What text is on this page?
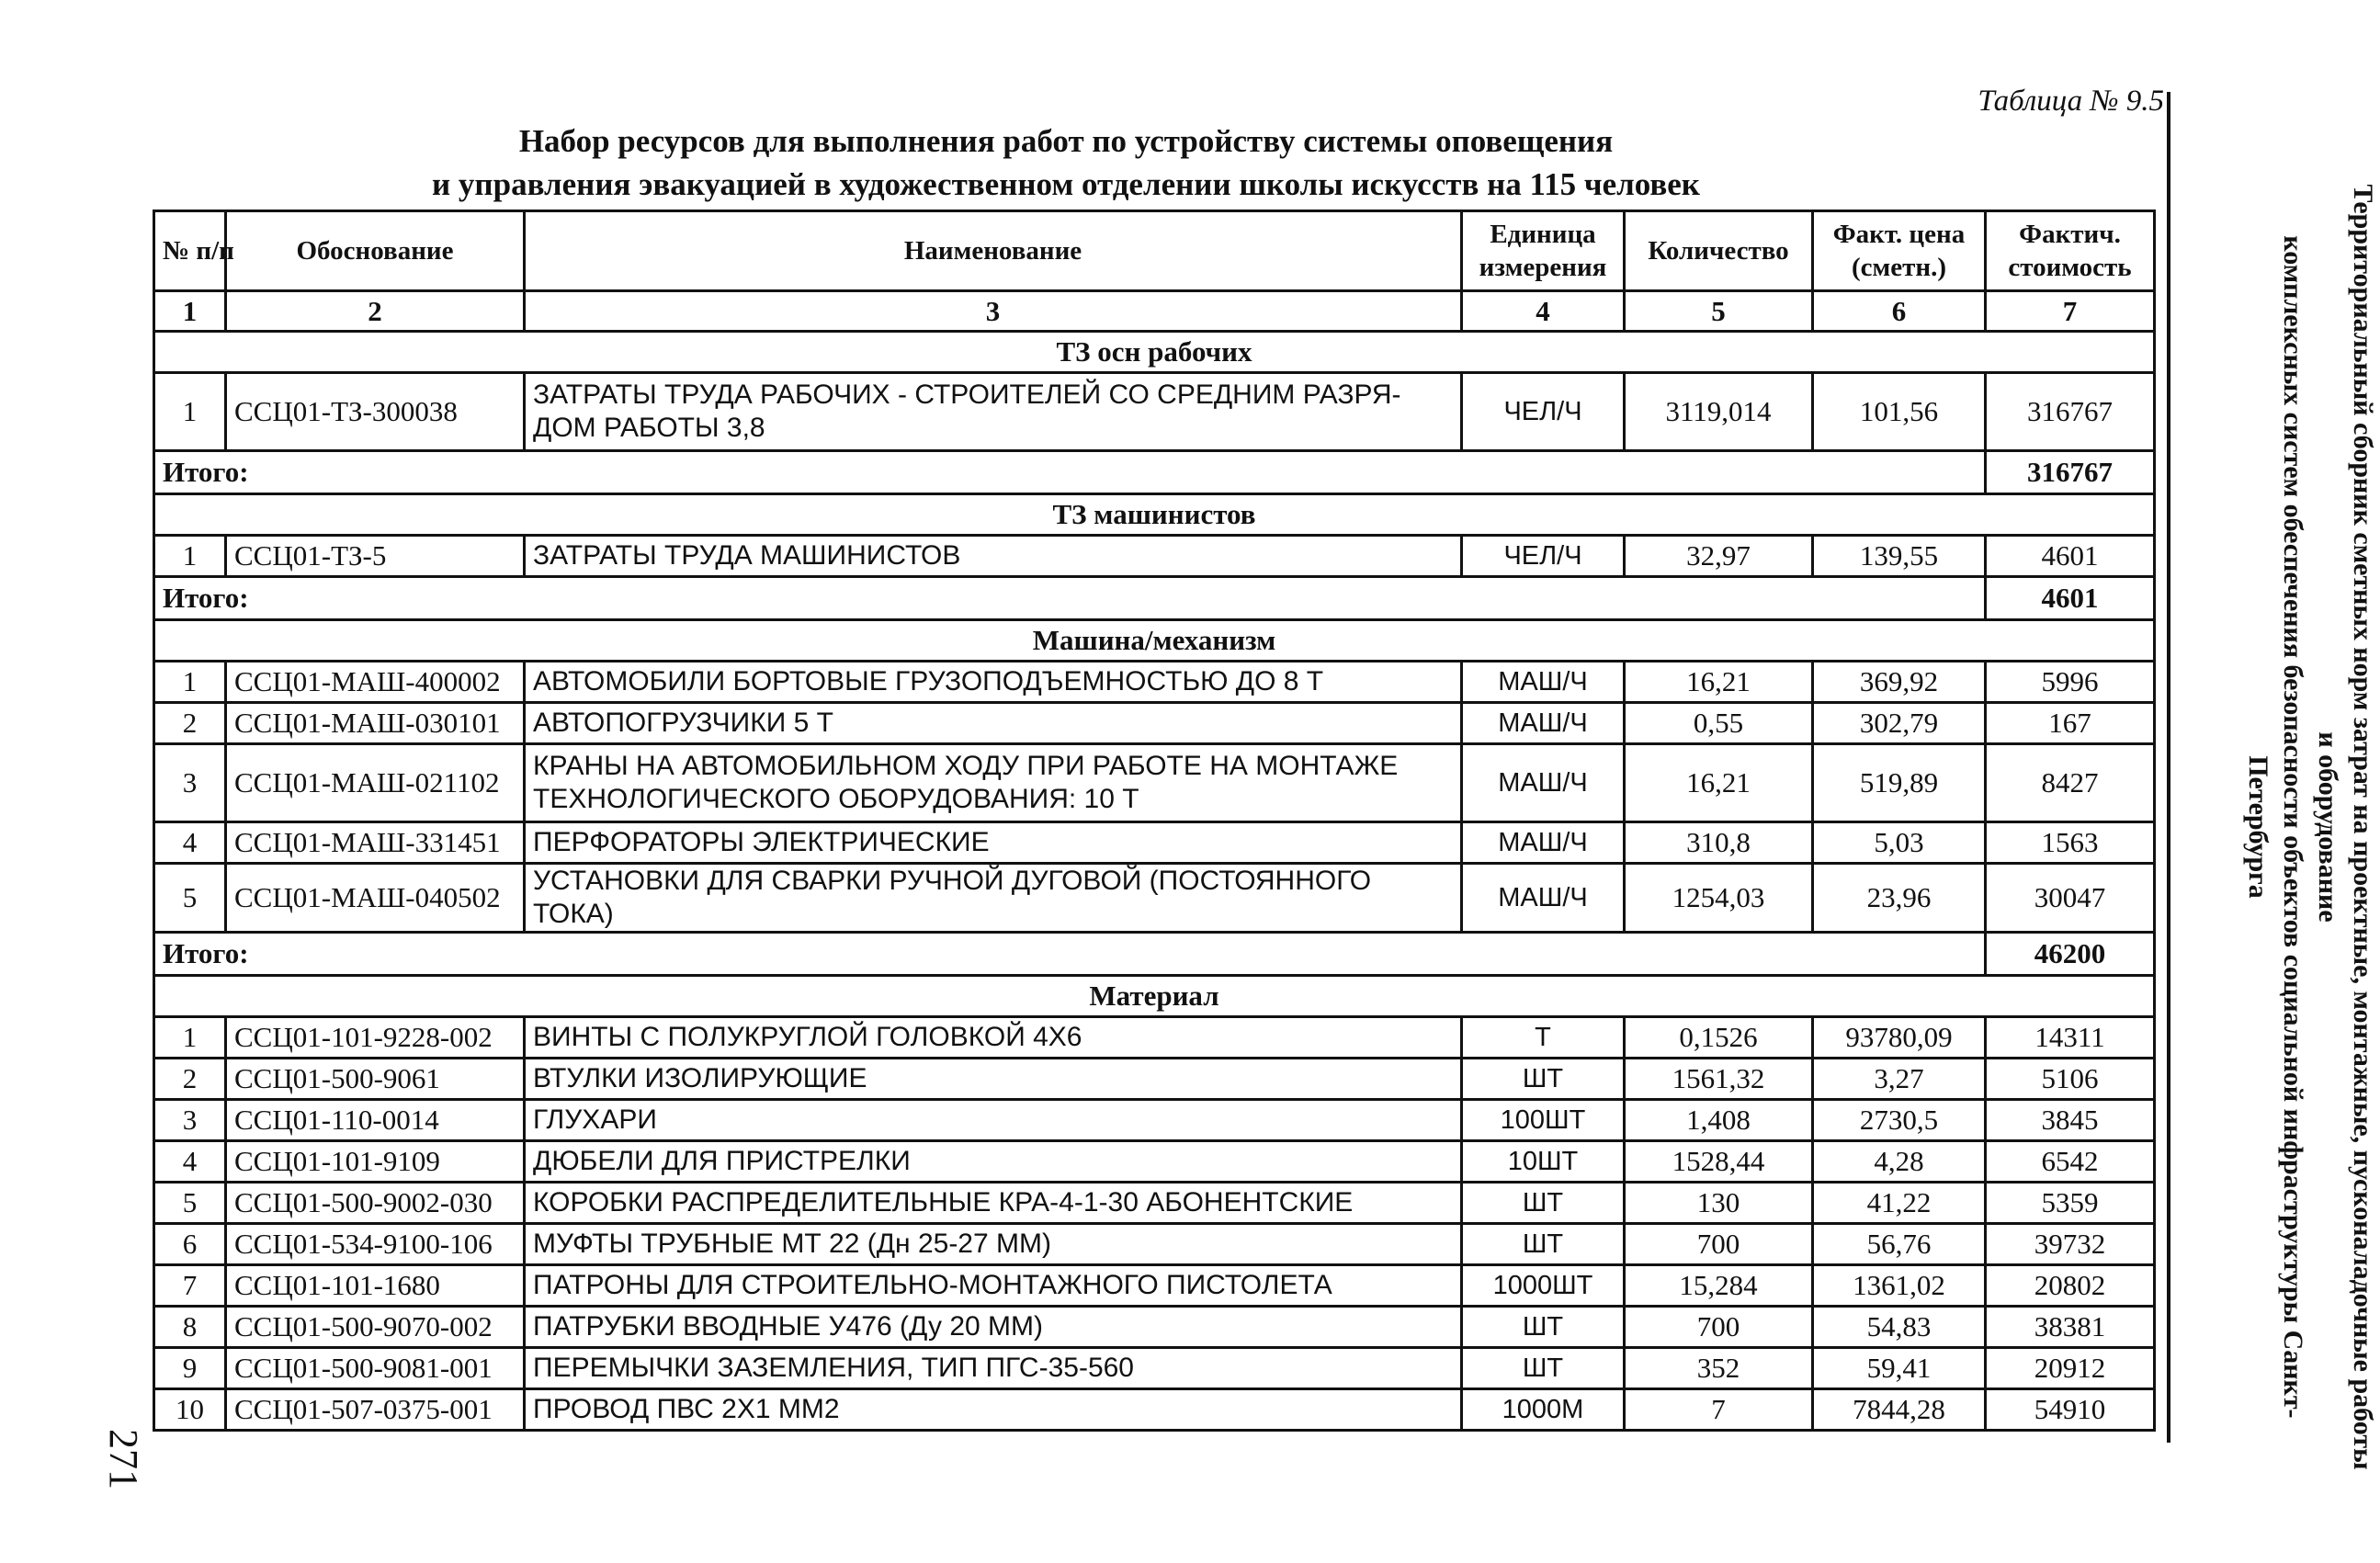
Таблица № 9.5
Набор ресурсов для выполнения работ по устройству системы оповещения
и управления эвакуацией в художественном отделении школы искусств на 115 человек	Территориальный сборник сметных норм затрат на проектные, монтажные, пусконаладочные работы и оборудование
комплексных систем обеспечения безопасности объектов социальной инфраструктуры Санкт-Петербурга
271
№ п/п	Обоснование	Наименование	Единица измерения	Количество	Факт. цена (сметн.)	Фактич. стоимость
1	2	3	4	5	6	7
ТЗ осн рабочих						
1	ССЦ01-ТЗ-300038	ЗАТРАТЫ ТРУДА РАБОЧИХ - СТРОИТЕЛЕЙ СО СРЕДНИМ РАЗРЯ-ДОМ РАБОТЫ 3,8	ЧЕЛ/Ч	3119,014	101,56	316767
Итого:						316767
ТЗ машинистов						
1	ССЦ01-ТЗ-5	ЗАТРАТЫ ТРУДА МАШИНИСТОВ	ЧЕЛ/Ч	32,97	139,55	4601
Итого:						4601
Машина/механизм						
1	ССЦ01-МАШ-400002	АВТОМОБИЛИ БОРТОВЫЕ ГРУЗОПОДЪЕМНОСТЬЮ ДО 8 Т	МАШ/Ч	16,21	369,92	5996
2	ССЦ01-МАШ-030101	АВТОПОГРУЗЧИКИ 5 Т	МАШ/Ч	0,55	302,79	167
3	ССЦ01-МАШ-021102	КРАНЫ НА АВТОМОБИЛЬНОМ ХОДУ ПРИ РАБОТЕ НА МОНТАЖЕ ТЕХНОЛОГИЧЕСКОГО ОБОРУДОВАНИЯ: 10 Т	МАШ/Ч	16,21	519,89	8427
4	ССЦ01-МАШ-331451	ПЕРФОРАТОРЫ ЭЛЕКТРИЧЕСКИЕ	МАШ/Ч	310,8	5,03	1563
5	ССЦ01-МАШ-040502	УСТАНОВКИ ДЛЯ СВАРКИ РУЧНОЙ ДУГОВОЙ (ПОСТОЯННОГО ТОКА)	МАШ/Ч	1254,03	23,96	30047
Итого:						46200
Материал						
1	ССЦ01-101-9228-002	ВИНТЫ С ПОЛУКРУГЛОЙ ГОЛОВКОЙ 4Х6	Т	0,1526	93780,09	14311
2	ССЦ01-500-9061	ВТУЛКИ ИЗОЛИРУЮЩИЕ	ШТ	1561,32	3,27	5106
3	ССЦ01-110-0014	ГЛУХАРИ	100ШТ	1,408	2730,5	3845
4	ССЦ01-101-9109	ДЮБЕЛИ ДЛЯ ПРИСТРЕЛКИ	10ШТ	1528,44	4,28	6542
5	ССЦ01-500-9002-030	КОРОБКИ РАСПРЕДЕЛИТЕЛЬНЫЕ КРА-4-1-30 АБОНЕНТСКИЕ	ШТ	130	41,22	5359
6	ССЦ01-534-9100-106	МУФТЫ ТРУБНЫЕ МТ 22 (Дн 25-27 ММ)	ШТ	700	56,76	39732
7	ССЦ01-101-1680	ПАТРОНЫ ДЛЯ СТРОИТЕЛЬНО-МОНТАЖНОГО ПИСТОЛЕТА	1000ШТ	15,284	1361,02	20802
8	ССЦ01-500-9070-002	ПАТРУБКИ ВВОДНЫЕ У476 (Ду 20 ММ)	ШТ	700	54,83	38381
9	ССЦ01-500-9081-001	ПЕРЕМЫЧКИ ЗАЗЕМЛЕНИЯ, ТИП ПГС-35-560	ШТ	352	59,41	20912
10	ССЦ01-507-0375-001	ПРОВОД ПВС 2Х1 ММ2	1000М	7	7844,28	54910
